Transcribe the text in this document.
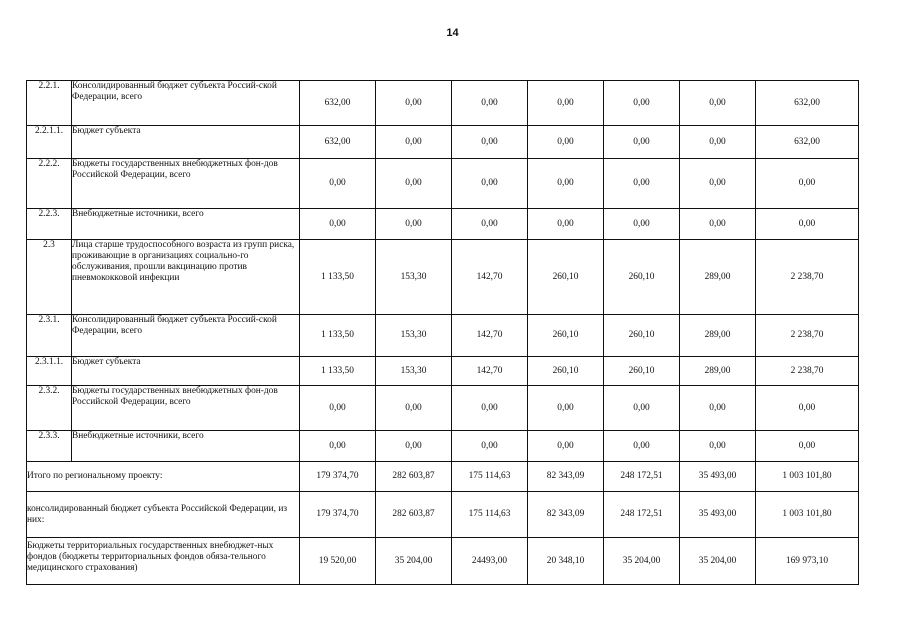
14
2.2.1.	Консолидированный бюджет субъекта Россий-ской Федерации, всего	632,00	0,00	0,00	0,00	0,00	0,00	632,00
2.2.1.1.	Бюджет субъекта	632,00	0,00	0,00	0,00	0,00	0,00	632,00
2.2.2.	Бюджеты государственных внебюджетных фон-дов Российской Федерации, всего	0,00	0,00	0,00	0,00	0,00	0,00	0,00
2.2.3.	Внебюджетные источники, всего	0,00	0,00	0,00	0,00	0,00	0,00	0,00
2.3	Лица старше трудоспособного возраста из групп риска, проживающие в организациях социально-го обслуживания, прошли вакцинацию против пневмококковой инфекции	1 133,50	153,30	142,70	260,10	260,10	289,00	2 238,70
2.3.1.	Консолидированный бюджет субъекта Россий-ской Федерации, всего	1 133,50	153,30	142,70	260,10	260,10	289,00	2 238,70
2.3.1.1.	Бюджет субъекта	1 133,50	153,30	142,70	260,10	260,10	289,00	2 238,70
2.3.2.	Бюджеты государственных внебюджетных фон-дов Российской Федерации, всего	0,00	0,00	0,00	0,00	0,00	0,00	0,00
2.3.3.	Внебюджетные источники, всего	0,00	0,00	0,00	0,00	0,00	0,00	0,00
Итого по региональному проекту:		179 374,70	282 603,87	175 114,63	82 343,09	248 172,51	35 493,00	1 003 101,80
консолидированный бюджет субъекта Российской Федерации, из них:		179 374,70	282 603,87	175 114,63	82 343,09	248 172,51	35 493,00	1 003 101,80
Бюджеты территориальных государственных внебюджет-ных фондов (бюджеты территориальных фондов обяза-тельного медицинского страхования)		19 520,00	35 204,00	24493,00	20 348,10	35 204,00	35 204,00	169 973,10
